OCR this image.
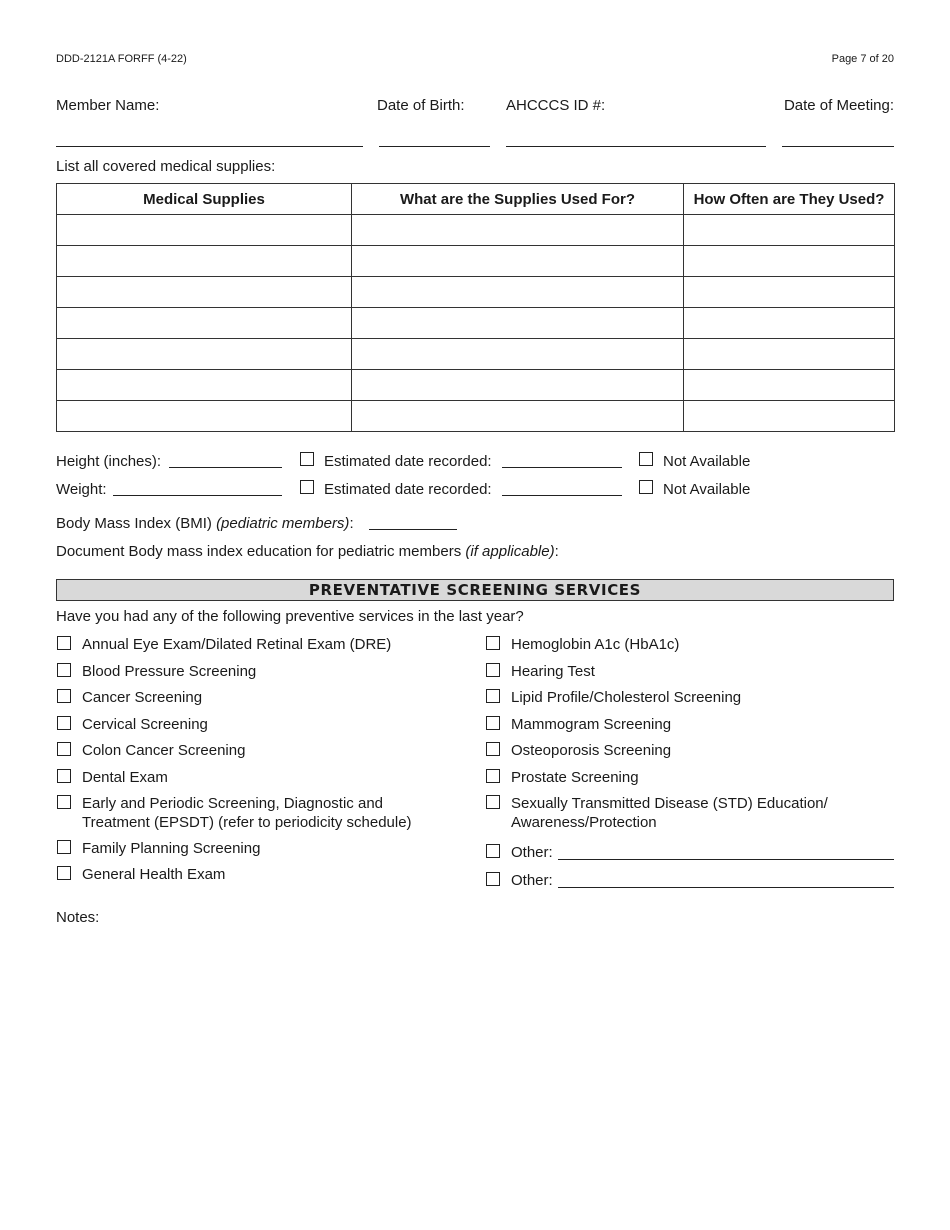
DDD-2121A FORFF (4-22)	Page 7 of 20
Member Name:	Date of Birth:	AHCCCS ID #:	Date of Meeting:
List all covered medical supplies:
Medical Supplies	What are the Supplies Used For?	How Often are They Used?

Height (inches):	Estimated date recorded:	Not Available
Weight:	Estimated date recorded:	Not Available
Body Mass Index (BMI) (pediatric members):
Document Body mass index education for pediatric members (if applicable):
PREVENTATIVE SCREENING SERVICES
Have you had any of the following preventive services in the last year?
Annual Eye Exam/Dilated Retinal Exam (DRE)
Blood Pressure Screening
Cancer Screening
Cervical Screening
Colon Cancer Screening
Dental Exam
Early and Periodic Screening, Diagnostic and
Treatment (EPSDT) (refer to periodicity schedule)
Family Planning Screening
General Health Exam
Hemoglobin A1c (HbA1c)
Hearing Test
Lipid Profile/Cholesterol Screening
Mammogram Screening
Osteoporosis Screening
Prostate Screening
Sexually Transmitted Disease (STD) Education/
Awareness/Protection
Other:
Other:
Notes:
